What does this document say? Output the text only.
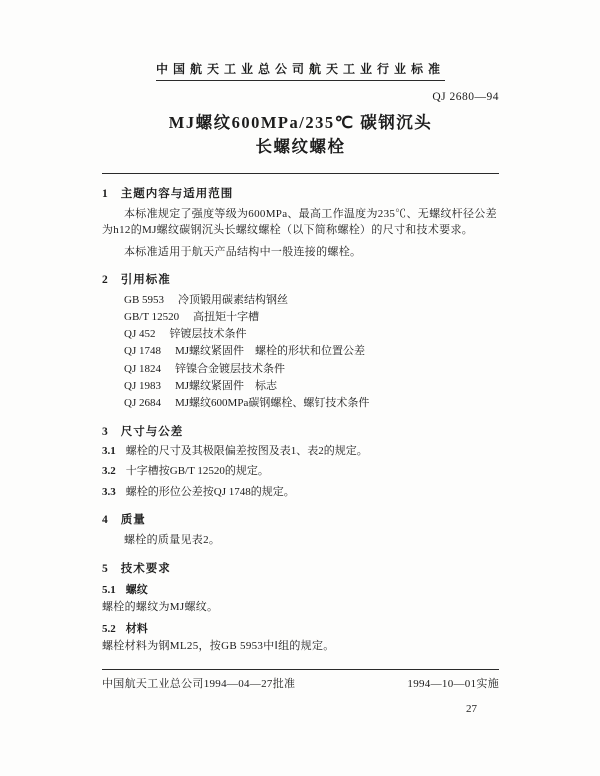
中国航天工业总公司航天工业行业标准
QJ 2680—94
MJ螺纹600MPa/235℃ 碳钢沉头
长螺纹螺栓
1 主题内容与适用范围

本标准规定了强度等级为600MPa、最高工作温度为235℃、无螺纹杆径公差为h12的MJ螺纹碳钢沉头长螺纹螺栓（以下简称螺栓）的尺寸和技术要求。

本标准适用于航天产品结构中一般连接的螺栓。

2 引用标准
GB 5953 冷顶锻用碳素结构钢丝
GB/T 12520 高扭矩十字槽
QJ 452 锌镀层技术条件
QJ 1748 MJ螺纹紧固件　螺栓的形状和位置公差
QJ 1824 锌镍合金镀层技术条件
QJ 1983 MJ螺纹紧固件　标志
QJ 2684 MJ螺纹600MPa碳钢螺栓、螺钉技术条件
3 尺寸与公差
3.1 螺栓的尺寸及其极限偏差按图及表1、表2的规定。
3.2 十字槽按GB/T 12520的规定。
3.3 螺栓的形位公差按QJ 1748的规定。
4 质量

螺栓的质量见表2。

5 技术要求
5.1 螺纹
螺栓的螺纹为MJ螺纹。
5.2 材料
螺栓材料为钢ML25，按GB 5953中Ⅰ组的规定。
中国航天工业总公司1994—04—27批准	1994—10—01实施
27
